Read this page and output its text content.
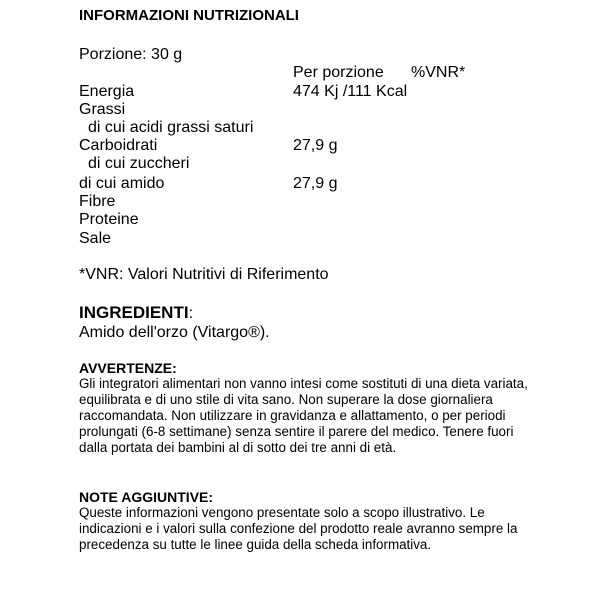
INFORMAZIONI NUTRIZIONALI
Porzione: 30 g
Per porzione %VNR*
Energia	474 Kj /111 Kcal
Grassi
di cui acidi grassi saturi
Carboidrati	27,9 g
di cui zuccheri
di cui amido	27,9 g
Fibre
Proteine
Sale
*VNR: Valori Nutritivi di Riferimento
INGREDIENTI:
Amido dell'orzo (Vitargo®).
AVVERTENZE:
Gli integratori alimentari non vanno intesi come sostituti di una dieta variata, equilibrata e di uno stile di vita sano. Non superare la dose giornaliera raccomandata. Non utilizzare in gravidanza e allattamento, o per periodi prolungati (6-8 settimane) senza sentire il parere del medico. Tenere fuori dalla portata dei bambini al di sotto dei tre anni di età.
NOTE AGGIUNTIVE:
Queste informazioni vengono presentate solo a scopo illustrativo. Le indicazioni e i valori sulla confezione del prodotto reale avranno sempre la precedenza su tutte le linee guida della scheda informativa.
